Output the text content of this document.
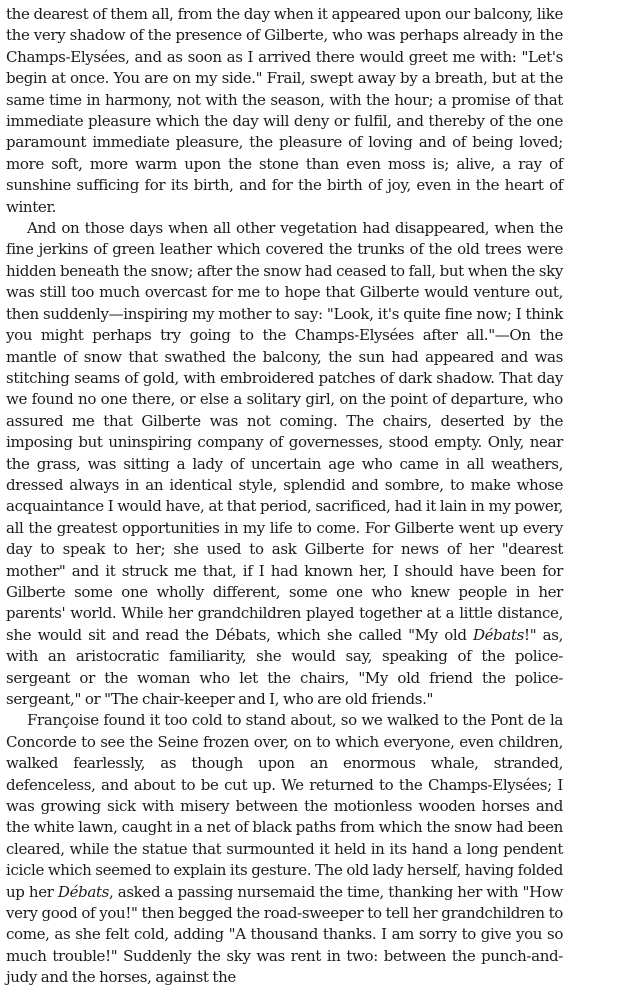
the dearest of them all, from the day when it appeared upon our balcony, like the very shadow of the presence of Gilberte, who was perhaps already in the Champs-Elysées, and as soon as I arrived there would greet me with: "Let's begin at once. You are on my side." Frail, swept away by a breath, but at the same time in harmony, not with the season, with the hour; a promise of that immediate pleasure which the day will deny or fulfil, and thereby of the one paramount immediate pleasure, the pleasure of loving and of being loved; more soft, more warm upon the stone than even moss is; alive, a ray of sunshine sufficing for its birth, and for the birth of joy, even in the heart of winter.

And on those days when all other vegetation had disappeared, when the fine jerkins of green leather which covered the trunks of the old trees were hidden beneath the snow; after the snow had ceased to fall, but when the sky was still too much overcast for me to hope that Gilberte would venture out, then suddenly—inspiring my mother to say: "Look, it's quite fine now; I think you might perhaps try going to the Champs-Elysées after all."—On the mantle of snow that swathed the balcony, the sun had appeared and was stitching seams of gold, with embroidered patches of dark shadow. That day we found no one there, or else a solitary girl, on the point of departure, who assured me that Gilberte was not coming. The chairs, deserted by the imposing but uninspiring company of governesses, stood empty. Only, near the grass, was sitting a lady of uncertain age who came in all weathers, dressed always in an identical style, splendid and sombre, to make whose acquaintance I would have, at that period, sacrificed, had it lain in my power, all the greatest opportunities in my life to come. For Gilberte went up every day to speak to her; she used to ask Gilberte for news of her "dearest mother" and it struck me that, if I had known her, I should have been for Gilberte some one wholly different, some one who knew people in her parents' world. While her grandchildren played together at a little distance, she would sit and read the Débats, which she called "My old Débats!" as, with an aristocratic familiarity, she would say, speaking of the police-sergeant or the woman who let the chairs, "My old friend the police-sergeant," or "The chair-keeper and I, who are old friends."

Françoise found it too cold to stand about, so we walked to the Pont de la Concorde to see the Seine frozen over, on to which everyone, even children, walked fearlessly, as though upon an enormous whale, stranded, defenceless, and about to be cut up. We returned to the Champs-Elysées; I was growing sick with misery between the motionless wooden horses and the white lawn, caught in a net of black paths from which the snow had been cleared, while the statue that surmounted it held in its hand a long pendent icicle which seemed to explain its gesture. The old lady herself, having folded up her Débats, asked a passing nursemaid the time, thanking her with "How very good of you!" then begged the road-sweeper to tell her grandchildren to come, as she felt cold, adding "A thousand thanks. I am sorry to give you so much trouble!" Suddenly the sky was rent in two: between the punch-and-judy and the horses, against the
